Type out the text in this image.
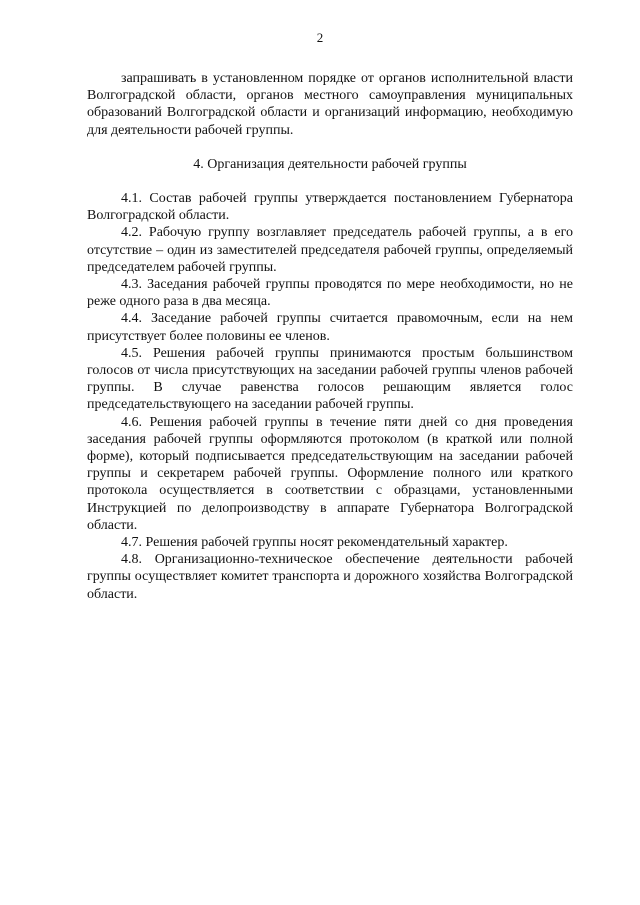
2

запрашивать в установленном порядке от органов исполнительной власти Волгоградской области, органов местного самоуправления муниципальных образований Волгоградской области и организаций информацию, необходимую для деятельности рабочей группы.

4. Организация деятельности рабочей группы

4.1. Состав рабочей группы утверждается постановлением Губернатора Волгоградской области.

4.2. Рабочую группу возглавляет председатель рабочей группы, а в его отсутствие – один из заместителей председателя рабочей группы, определяемый председателем рабочей группы.

4.3. Заседания рабочей группы проводятся по мере необходимости, но не реже одного раза в два месяца.

4.4. Заседание рабочей группы считается правомочным, если на нем присутствует более половины ее членов.

4.5. Решения рабочей группы принимаются простым большинством голосов от числа присутствующих на заседании рабочей группы членов рабочей группы. В случае равенства голосов решающим является голос председательствующего на заседании рабочей группы.

4.6. Решения рабочей группы в течение пяти дней со дня проведения заседания рабочей группы оформляются протоколом (в краткой или полной форме), который подписывается председательствующим на заседании рабочей группы и секретарем рабочей группы. Оформление полного или краткого протокола осуществляется в соответствии с образцами, установленными Инструкцией по делопроизводству в аппарате Губернатора Волгоградской области.

4.7. Решения рабочей группы носят рекомендательный характер.

4.8. Организационно-техническое обеспечение деятельности рабочей группы осуществляет комитет транспорта и дорожного хозяйства Волгоградской области.
